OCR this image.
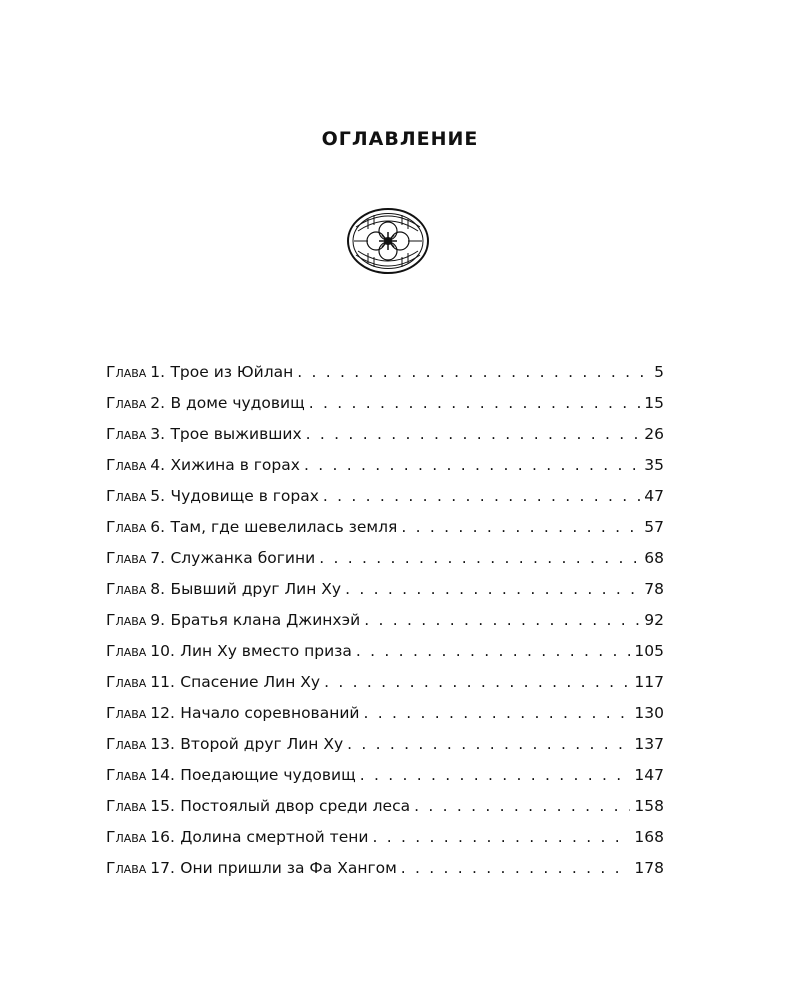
ОГЛАВЛЕНИЕ
Глава 1 . Трое из Юйлан . . .	5
Глава 2 . В доме чудовищ . . .	15
Глава 3 . Трое выживших . . .	26
Глава 4 . Хижина в горах . . .	35
Глава 5 . Чудовище в горах . . .	47
Глава 6 . Там, где шевелилась земля . . .	57
Глава 7 . Служанка богини . . .	68
Глава 8 . Бывший друг Лин Ху . . .	78
Глава 9 . Братья клана Джинхэй . . .	92
Глава 10 . Лин Ху вместо приза . . .	105
Глава 11 . Спасение Лин Ху . . .	117
Глава 12 . Начало соревнований . . .	130
Глава 13 . Второй друг Лин Ху . . .	137
Глава 14 . Поедающие чудовищ . . .	147
Глава 15 . Постоялый двор среди леса . . .	158
Глава 16 . Долина смертной тени . . .	168
Глава 17 . Они пришли за Фа Хангом . . .	178
